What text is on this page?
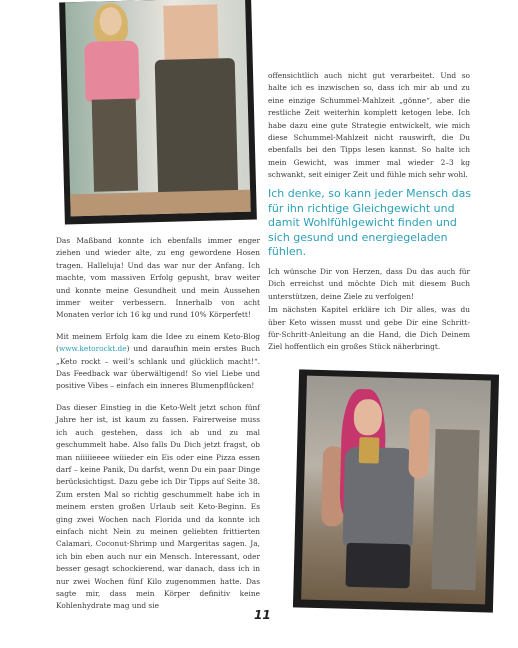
Das Maßband konnte ich ebenfalls immer enger ziehen und wieder alte, zu eng gewordene Hosen tragen. Halleluja! Und das war nur der Anfang. Ich machte, vom massiven Erfolg gepusht, brav weiter und konnte meine Gesundheit und mein Aussehen immer weiter verbessern. Innerhalb von acht Monaten verlor ich 16 kg und rund 10% Körperfett!

Mit meinem Erfolg kam die Idee zu einem Keto-Blog (www.ketorockt.de) und daraufhin mein erstes Buch „Keto rockt – weil’s schlank und glücklich macht!“. Das Feedback war überwältigend! So viel Liebe und positive Vibes – einfach ein inneres Blumenpflücken!

Das dieser Einstieg in die Keto-Welt jetzt schon fünf Jahre her ist, ist kaum zu fassen. Fairerweise muss ich auch gestehen, dass ich ab und zu mal geschummelt habe. Also falls Du Dich jetzt fragst, ob man niiiiieeee wiiieder ein Eis oder eine Pizza essen darf – keine Panik, Du darfst, wenn Du ein paar Dinge berücksichtigst. Dazu gebe ich Dir Tipps auf Seite 38. Zum ersten Mal so richtig geschummelt habe ich in meinem ersten großen Urlaub seit Keto-Beginn. Es ging zwei Wochen nach Florida und da konnte ich einfach nicht Nein zu meinen geliebten frittierten Calamari, Coconut-Shrimp und Margeritas sagen. Ja, ich bin eben auch nur ein Mensch. Interessant, oder besser gesagt schockierend, war danach, dass ich in nur zwei Wochen fünf Kilo zugenommen hatte. Das sagte mir, dass mein Körper definitiv keine Kohlenhydrate mag und sie

offensichtlich auch nicht gut verarbeitet. Und so halte ich es inzwischen so, dass ich mir ab und zu eine einzige Schummel-Mahlzeit „gönne“, aber die restliche Zeit weiterhin komplett ketogen lebe. Ich habe dazu eine gute Strategie entwickelt, wie mich diese Schummel-Mahlzeit nicht rauswirft, die Du ebenfalls bei den Tipps lesen kannst. So halte ich mein Gewicht, was immer mal wieder 2–3 kg schwankt, seit einiger Zeit und fühle mich sehr wohl.

Ich denke, so kann jeder Mensch das für ihn richtige Gleichgewicht und damit Wohlfühlgewicht finden und sich gesund und energiegeladen fühlen.

Ich wünsche Dir von Herzen, dass Du das auch für Dich erreichst und möchte Dich mit diesem Buch unterstützen, deine Ziele zu verfolgen!

Im nächsten Kapitel erkläre ich Dir alles, was du über Keto wissen musst und gebe Dir eine Schritt-für-Schritt-Anleitung an die Hand, die Dich Deinem Ziel hoffentlich ein großes Stück näherbringt.

11
